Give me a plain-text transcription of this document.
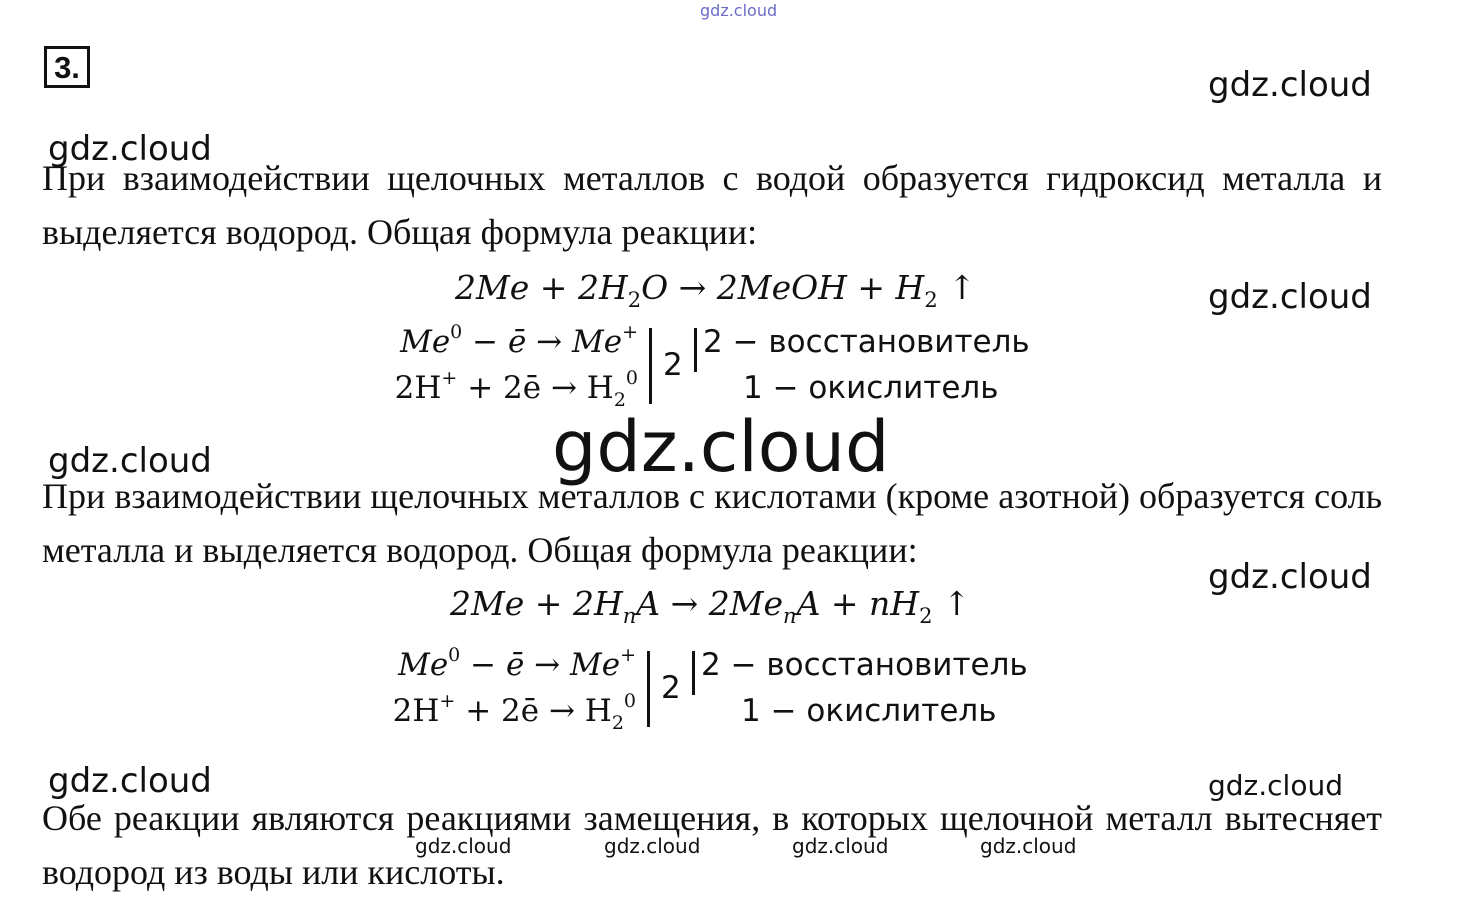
gdz.cloud
3.	gdz.cloud
gdz.cloud

При взаимодействии щелочных металлов с водой образуется гидроксид металла и выделяется водород. Общая формула реакции:

$2Me + 2H_2O$ → 2MeOH + $H_2$ ↑	gdz.cloud
$Me^0$ − ē → Me+
2H+ + 2ē → $H_2^0$ 2
2 − восстановитель
1 − окислитель
gdz.cloud
gdz.cloud

При взаимодействии щелочных металлов с кислотами (кроме азотной) образуется соль металла и выделяется водород. Общая формула реакции:

gdz.cloud
$2Me + 2H_nA \to 2Me_nA + nH_2$ ↑
$Me^0$ − ē → Me+
2H+ + 2ē → $H_2^0$ 2
2 − восстановитель
1 − окислитель
gdz.cloud	gdz.cloud

Обе реакции являются реакциями замещения, в которых щелочной металл вытесняет водород из воды или кислоты.

gdz.cloud	gdz.cloud	gdz.cloud	gdz.cloud
